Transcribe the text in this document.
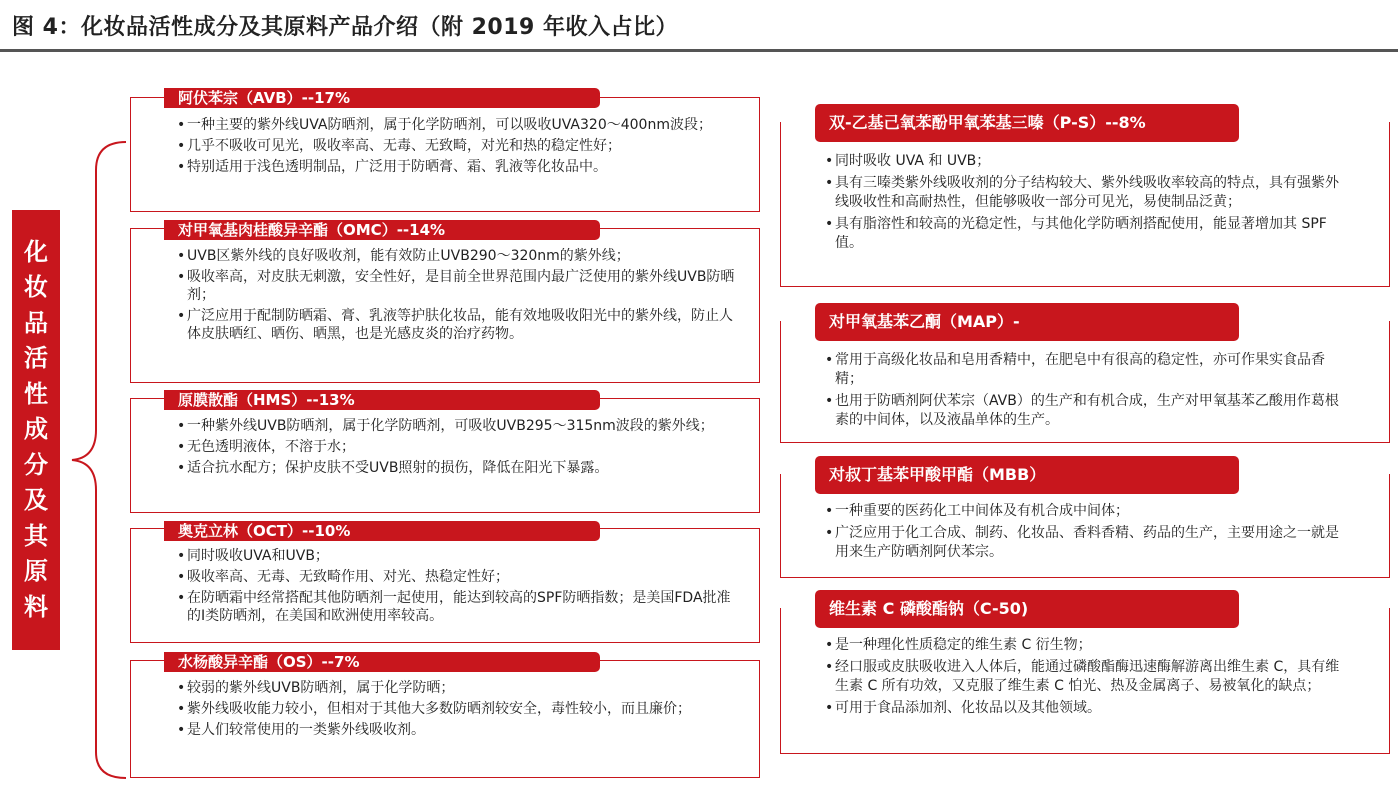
图 4：化妆品活性成分及其原料产品介绍（附 2019 年收入占比）
化妆品活性成分及其原料
• 一种主要的紫外线UVA防晒剂，属于化学防晒剂，可以吸收UVA320～400nm波段；
• 几乎不吸收可见光，吸收率高、无毒、无致畸，对光和热的稳定性好；
• 特别适用于浅色透明制品，广泛用于防晒膏、霜、乳液等化妆品中。
阿伏苯宗（AVB）--17%
• UVB区紫外线的良好吸收剂，能有效防止UVB290～320nm的紫外线；
• 吸收率高，对皮肤无刺激，安全性好，是目前全世界范围内最广泛使用的紫外线UVB防晒剂；
• 广泛应用于配制防晒霜、膏、乳液等护肤化妆品，能有效地吸收阳光中的紫外线，防止人体皮肤晒红、晒伤、晒黑，也是光感皮炎的治疗药物。
对甲氧基肉桂酸异辛酯（OMC）--14%
• 一种紫外线UVB防晒剂，属于化学防晒剂，可吸收UVB295～315nm波段的紫外线；
• 无色透明液体，不溶于水；
• 适合抗水配方；保护皮肤不受UVB照射的损伤，降低在阳光下暴露。
原膜散酯（HMS）--13%
• 同时吸收UVA和UVB；
• 吸收率高、无毒、无致畸作用、对光、热稳定性好；
• 在防晒霜中经常搭配其他防晒剂一起使用，能达到较高的SPF防晒指数；是美国FDA批准的I类防晒剂，在美国和欧洲使用率较高。
奥克立林（OCT）--10%
• 较弱的紫外线UVB防晒剂，属于化学防晒；
• 紫外线吸收能力较小，但相对于其他大多数防晒剂较安全，毒性较小，而且廉价；
• 是人们较常使用的一类紫外线吸收剂。
水杨酸异辛酯（OS）--7%
• 同时吸收 UVA 和 UVB；
• 具有三嗪类紫外线吸收剂的分子结构较大、紫外线吸收率较高的特点，具有强紫外线吸收性和高耐热性，但能够吸收一部分可见光，易使制品泛黄；
• 具有脂溶性和较高的光稳定性，与其他化学防晒剂搭配使用，能显著增加其 SPF 值。
双-乙基己氧苯酚甲氧苯基三嗪（P-S）--8%
• 常用于高级化妆品和皂用香精中，在肥皂中有很高的稳定性，亦可作果实食品香精；
• 也用于防晒剂阿伏苯宗（AVB）的生产和有机合成，生产对甲氧基苯乙酸用作葛根素的中间体，以及液晶单体的生产。
对甲氧基苯乙酮（MAP）-
• 一种重要的医药化工中间体及有机合成中间体；
• 广泛应用于化工合成、制药、化妆品、香料香精、药品的生产，主要用途之一就是用来生产防晒剂阿伏苯宗。
对叔丁基苯甲酸甲酯（MBB）
• 是一种理化性质稳定的维生素 C 衍生物；
• 经口服或皮肤吸收进入人体后，能通过磷酸酯酶迅速酶解游离出维生素 C，具有维生素 C 所有功效，又克服了维生素 C 怕光、热及金属离子、易被氧化的缺点；
• 可用于食品添加剂、化妆品以及其他领域。
维生素 C 磷酸酯钠（C-50)
